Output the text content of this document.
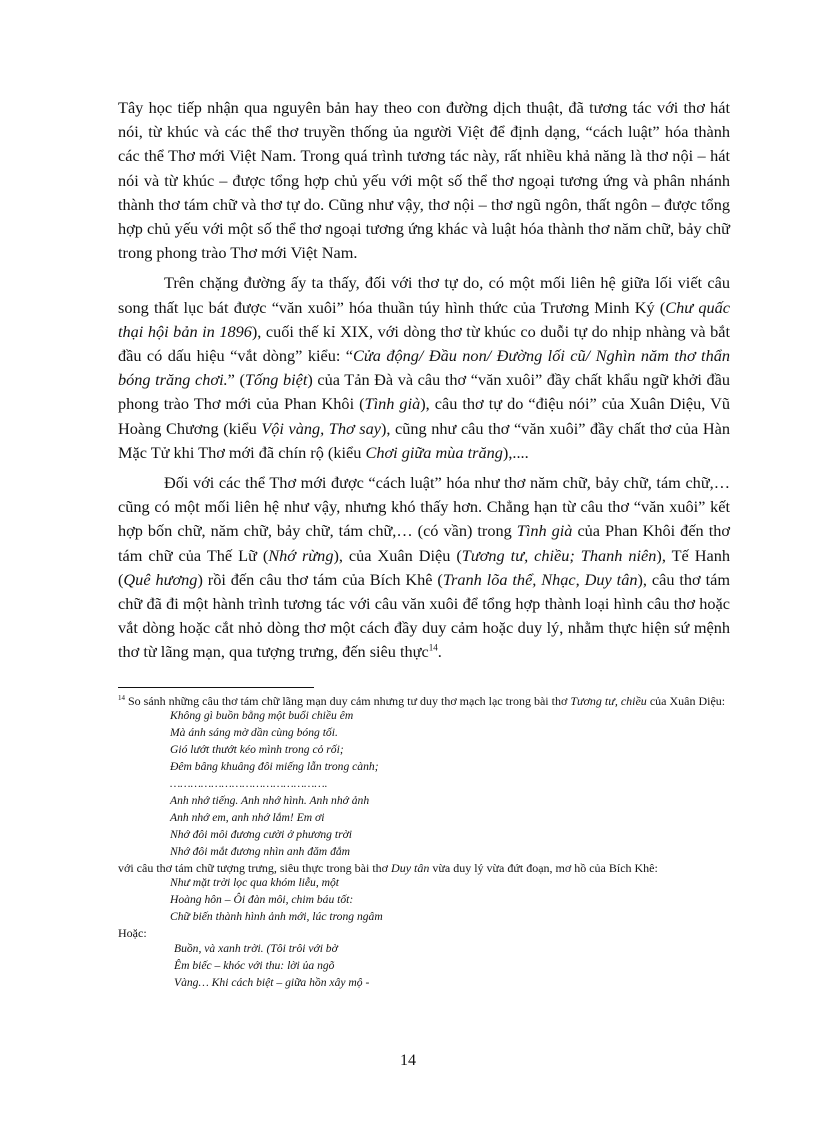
Tây học tiếp nhận qua nguyên bản hay theo con đường dịch thuật, đã tương tác với thơ hát nói, từ khúc và các thể thơ truyền thống ủa người Việt để định dạng, “cách luật” hóa thành các thể Thơ mới Việt Nam. Trong quá trình tương tác này, rất nhiều khả năng là thơ nội – hát nói và từ khúc – được tổng hợp chủ yếu với một số thể thơ ngoại tương ứng và phân nhánh thành thơ tám chữ và thơ tự do. Cũng như vậy, thơ nội – thơ ngũ ngôn, thất ngôn – được tổng hợp chủ yếu với một số thể thơ ngoại tương ứng khác và luật hóa thành thơ năm chữ, bảy chữ trong phong trào Thơ mới Việt Nam.

Trên chặng đường ấy ta thấy, đối với thơ tự do, có một mối liên hệ giữa lối viết câu song thất lục bát được “văn xuôi” hóa thuần túy hình thức của Trương Minh Ký (Chư quấc thại hội bản in 1896), cuối thế kỉ XIX, với dòng thơ từ khúc co duỗi tự do nhịp nhàng và bắt đầu có dấu hiệu “vắt dòng” kiểu: “Cửa động/ Đầu non/ Đường lối cũ/ Nghìn năm thơ thẩn bóng trăng chơi.” (Tống biệt) của Tản Đà và câu thơ “văn xuôi” đầy chất khẩu ngữ khởi đầu phong trào Thơ mới của Phan Khôi (Tình già), câu thơ tự do “điệu nói” của Xuân Diệu, Vũ Hoàng Chương (kiểu Vội vàng, Thơ say), cũng như câu thơ “văn xuôi” đầy chất thơ của Hàn Mặc Tử khi Thơ mới đã chín rộ (kiểu Chơi giữa mùa trăng),....

Đối với các thể Thơ mới được “cách luật” hóa như thơ năm chữ, bảy chữ, tám chữ,… cũng có một mối liên hệ như vậy, nhưng khó thấy hơn. Chẳng hạn từ câu thơ “văn xuôi” kết hợp bốn chữ, năm chữ, bảy chữ, tám chữ,… (có vần) trong Tình già của Phan Khôi đến thơ tám chữ của Thế Lữ (Nhớ rừng), của Xuân Diệu (Tương tư, chiều; Thanh niên), Tế Hanh (Quê hương) rồi đến câu thơ tám của Bích Khê (Tranh lõa thể, Nhạc, Duy tân), câu thơ tám chữ đã đi một hành trình tương tác với câu văn xuôi để tổng hợp thành loại hình câu thơ hoặc vắt dòng hoặc cắt nhỏ dòng thơ một cách đầy duy cảm hoặc duy lý, nhằm thực hiện sứ mệnh thơ từ lãng mạn, qua tượng trưng, đến siêu thực$^{14}$.

$^{14}$ So sánh những câu thơ tám chữ lãng mạn duy cảm nhưng tư duy thơ mạch lạc trong bài thơ Tương tư, chiều của Xuân Diệu:

Không gì buồn bằng một buổi chiều êm
Mà ánh sáng mờ dần cùng bóng tối.
Gió lướt thướt kéo mình trong cỏ rối;
Đêm bâng khuâng đôi miếng lẫn trong cành;
……………………………………….
Anh nhớ tiếng. Anh nhớ hình. Anh nhớ ảnh
Anh nhớ em, anh nhớ lắm! Em ơi
Nhớ đôi môi đương cười ở phương trời
Nhớ đôi mắt đương nhìn anh đăm đắm

với câu thơ tám chữ tượng trưng, siêu thực trong bài thơ Duy tân vừa duy lý vừa đứt đoạn, mơ hồ của Bích Khê:

Như mặt trời lọc qua khóm liễu, một
Hoàng hôn – Ôi đàn môi, chim báu tốt:
Chữ biến thành hình ảnh mới, lúc trong ngâm

Hoặc:

Buồn, và xanh trời. (Tôi trôi với bờ
Êm biếc – khóc với thu: lời ủa ngõ
Vàng… Khi cách biệt – giữa hồn xây mộ -
14
